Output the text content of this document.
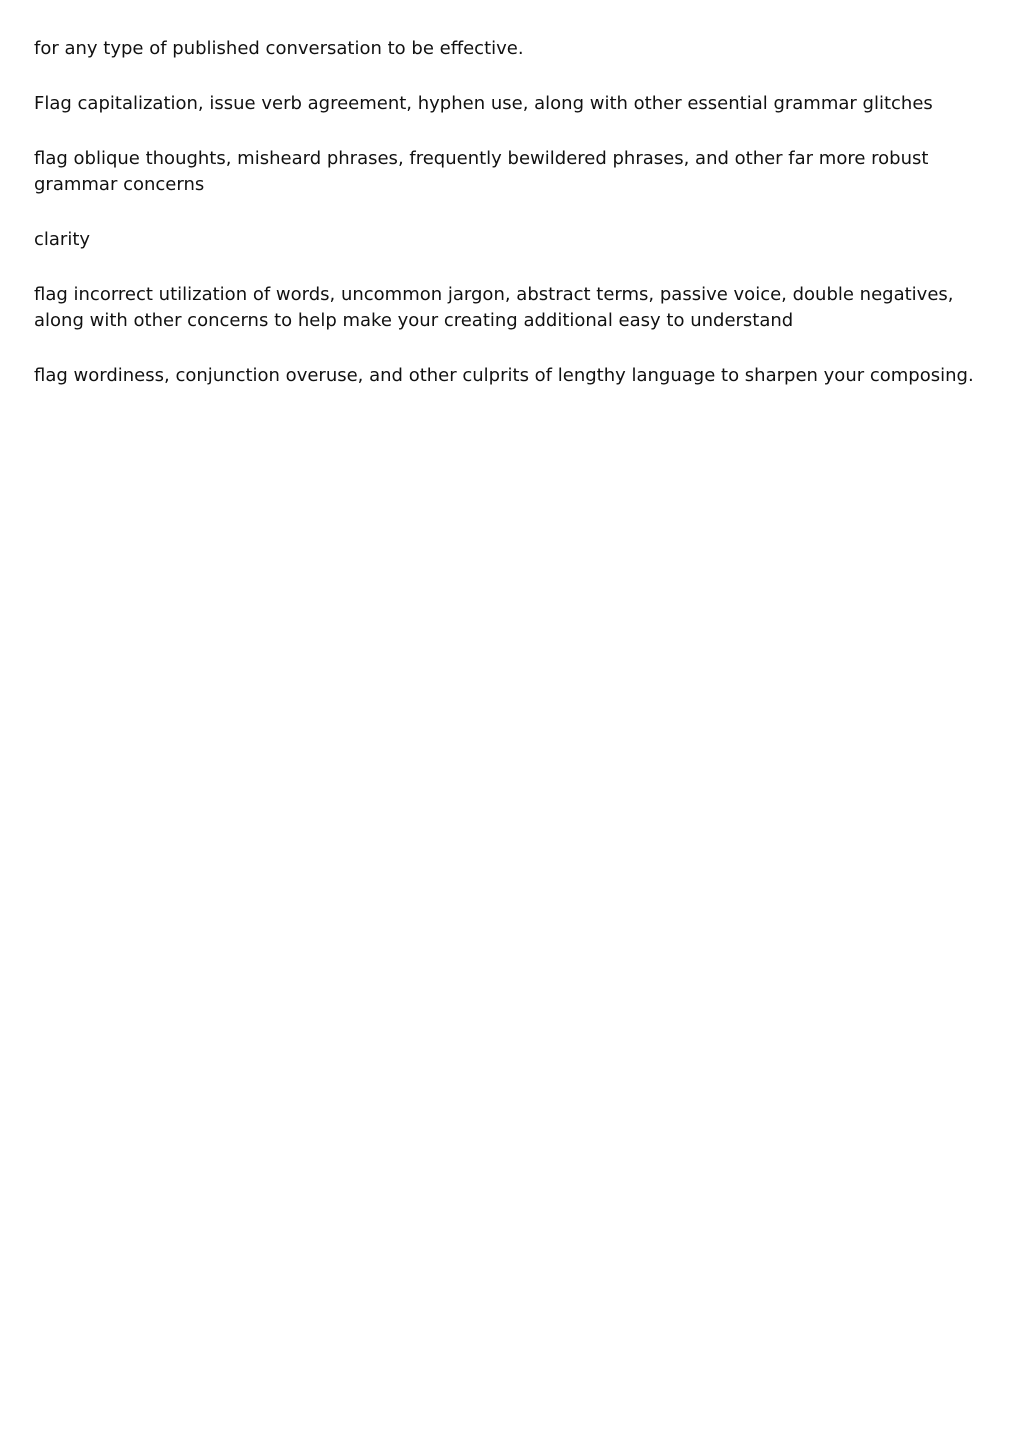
for any type of published conversation to be effective.

Flag capitalization, issue verb agreement, hyphen use, along with other essential grammar glitches

flag oblique thoughts, misheard phrases, frequently bewildered phrases, and other far more robust grammar concerns

clarity

flag incorrect utilization of words, uncommon jargon, abstract terms, passive voice, double negatives, along with other concerns to help make your creating additional easy to understand

flag wordiness, conjunction overuse, and other culprits of lengthy language to sharpen your composing.
